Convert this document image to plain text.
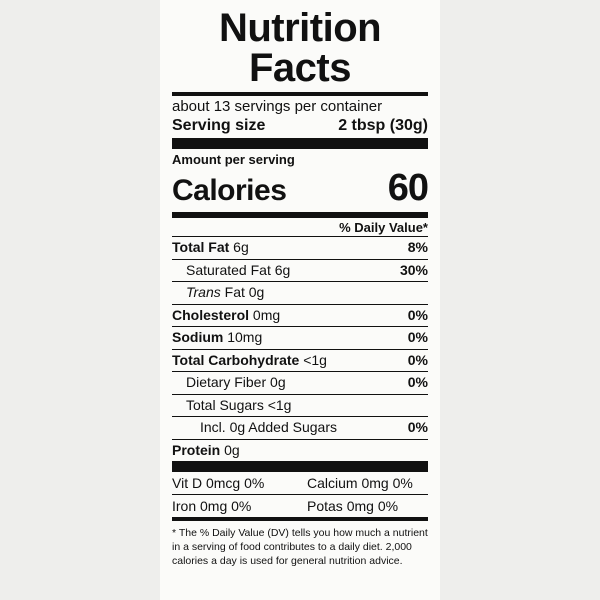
Nutrition Facts
about 13 servings per container
Serving size	2 tbsp (30g)
Amount per serving
Calories	60
% Daily Value*
Total Fat 6g	8%
Saturated Fat 6g	30%
Trans Fat 0g
Cholesterol 0mg	0%
Sodium 10mg	0%
Total Carbohydrate <1g	0%
Dietary Fiber 0g	0%
Total Sugars <1g
Incl. 0g Added Sugars	0%
Protein 0g
Vit D 0mcg 0%	Calcium 0mg 0%
Iron 0mg 0%	Potas 0mg 0%
* The % Daily Value (DV) tells you how much a nutrient in a serving of food contributes to a daily diet. 2,000 calories a day is used for general nutrition advice.
